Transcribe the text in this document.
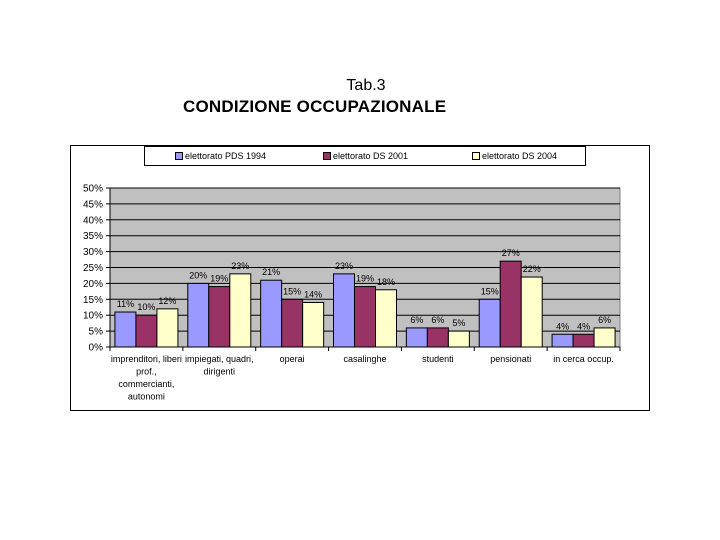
Tab.3
CONDIZIONE OCCUPAZIONALE
0%
5%
10%
15%
20%
25%
30%
35%
40%
45%
50%
11%
20%	21%
23%
6%
15%
4%
10%
19%
15%
19%
6%
27%
4%
12%
23%
14%
18%
5%
22%
6%
imprenditori, liberi
prof.,
commercianti,
autonomi
impiegati, quadri,
dirigenti
operai	casalinghe	studenti	pensionati in cerca occup.
elettorato PDS 1994	elettorato DS 2001	elettorato DS 2004
